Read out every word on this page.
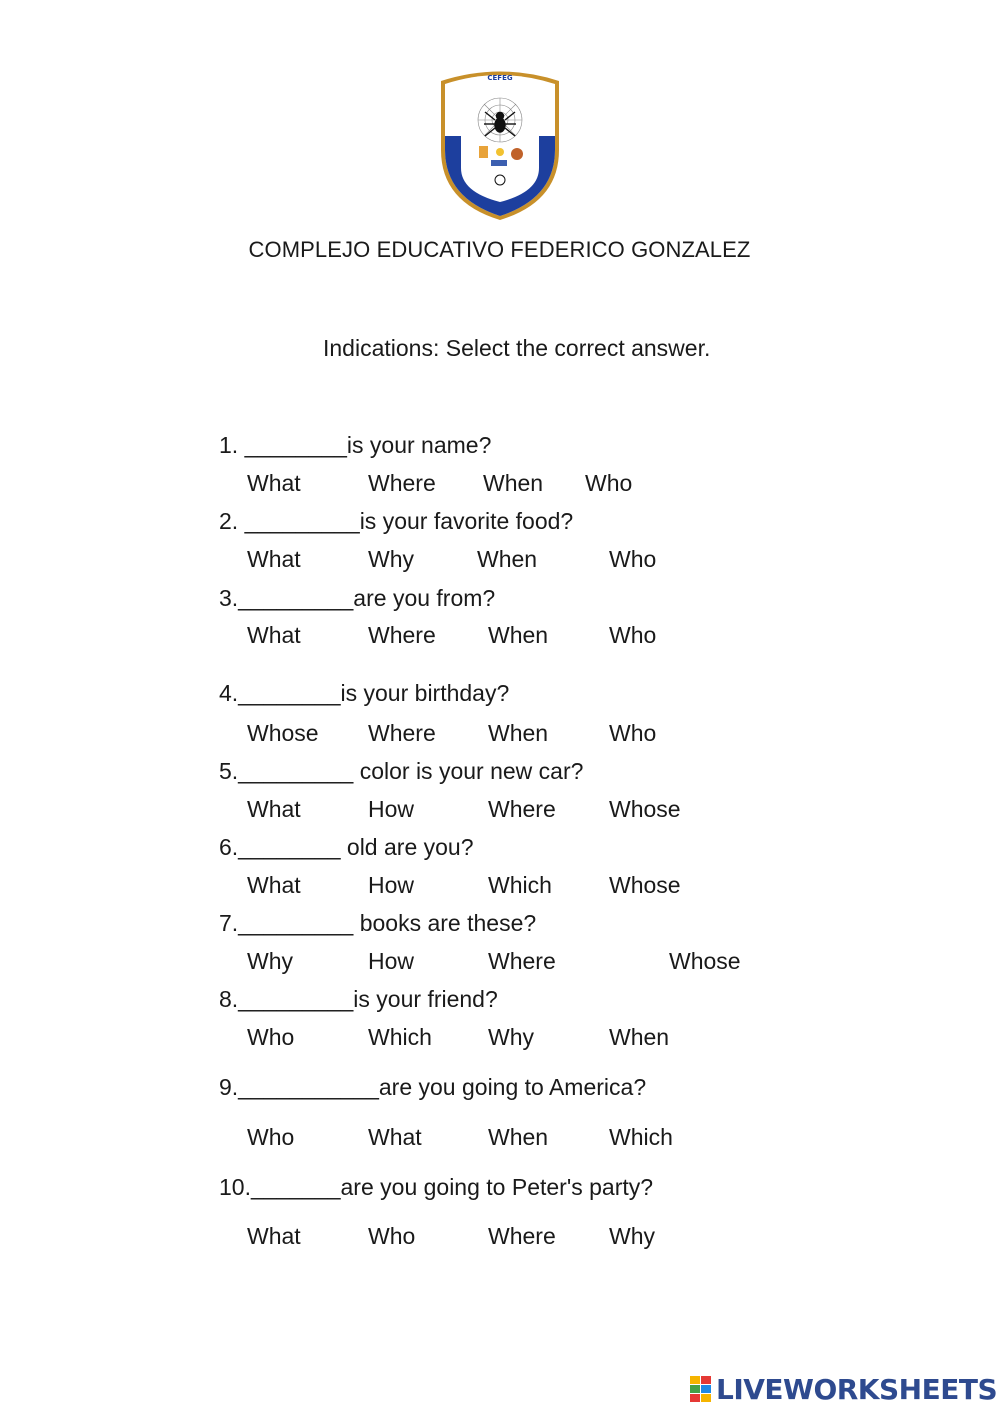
CEFEG
COMPLEJO EDUCATIVO FEDERICO GONZALEZ
Indications: Select the correct answer.
1. ________is your name?
What	Where When Who
2. _________is your favorite food?
What	Why	When	Who
3._________are you from?
What	Where When	Who
4.________is your birthday?
Whose Where When	Who
5._________ color is your new car?
What	How	Where Whose
6.________ old are you?
What	How	Which Whose
7._________ books are these?
Why	How	Where	Whose
8._________is your friend?
Who	Which Why	When
9.___________are you going to America?
Who	What	When	Which
10._______are you going to Peter's party?
What	Who	Where Why
LIVEWORKSHEETS
